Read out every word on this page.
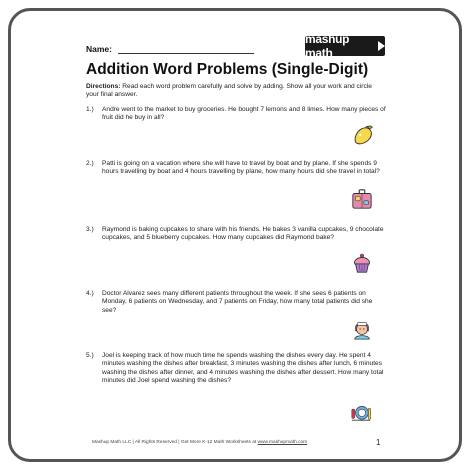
Name:
mashup math
Addition Word Problems (Single-Digit)
Directions: Read each word problem carefully and solve by adding. Show all your work and circle your final answer.
1.) Andre went to the market to buy groceries. He bought 7 lemons and 8 limes. How many pieces of fruit did he buy in all?
2.) Patti is going on a vacation where she will have to travel by boat and by plane. If she spends 9 hours travelling by boat and 4 hours travelling by plane, how many hours did she travel in total?
3.) Raymond is baking cupcakes to share with his friends. He bakes 3 vanilla cupcakes, 9 chocolate cupcakes, and 5 blueberry cupcakes. How many cupcakes did Raymond bake?
4.) Doctor Alvarez sees many different patients throughout the week. If she sees 6 patients on Monday, 6 patients on Wednesday, and 7 patients on Friday, how many total patients did she see?
5.) Joel is keeping track of how much time he spends washing the dishes every day. He spent 4 minutes washing the dishes after breakfast, 3 minutes washing the dishes after lunch, 6 minutes washing the dishes after dinner, and 4 minutes washing the dishes after dessert. How many total minutes did Joel spend washing the dishes?
Mashup Math LLC | All Rights Reserved | Get More K-12 Math Worksheets at www.mashupmath.com	1
